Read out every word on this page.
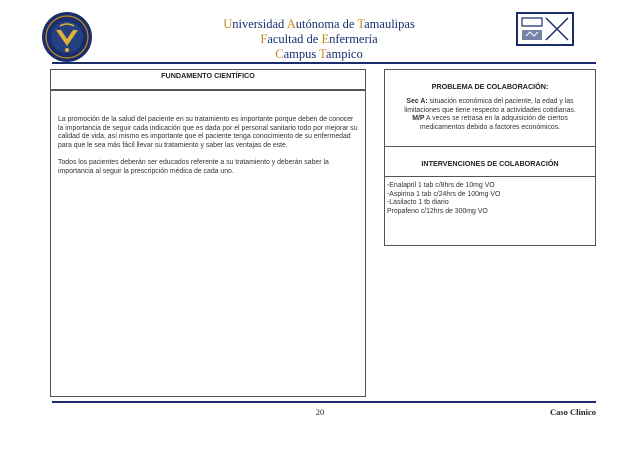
Universidad Autónoma de Tamaulipas
Facultad de Enfermería
Campus Tampico
FUNDAMENTO CIENTÍFICO
La promoción de la salud del paciente en su tratamiento es importante porque deben de conocer la importancia de seguir cada indicación que es dada por el personal sanitario todo por mejorar su calidad de vida, así mismo es importante que el paciente tenga conocimiento de su enfermedad para que le sea más fácil llevar su tratamiento y saber las ventajas de este.
Todos los pacientes deberán ser educados referente a su tratamiento y deberán saber la importancia al seguir la prescripción médica de cada uno.
PROBLEMA DE COLABORACIÓN:
Sec A: situación económica del paciente, la edad y las limitaciones que tiene respecto a actividades cotidianas.
M/P A veces se retrasa en la adquisición de ciertos medicamentos debido a factores económicos.
INTERVENCIONES DE COLABORACIÓN
-Enalapril 1 tab c/8hrs de 10mg VO
-Aspirina 1 tab c/24hrs de 100mg VO
-Lasilacto 1 tb diario
Propafeno c/12hrs de 300mg VO
20	Caso Clínico
